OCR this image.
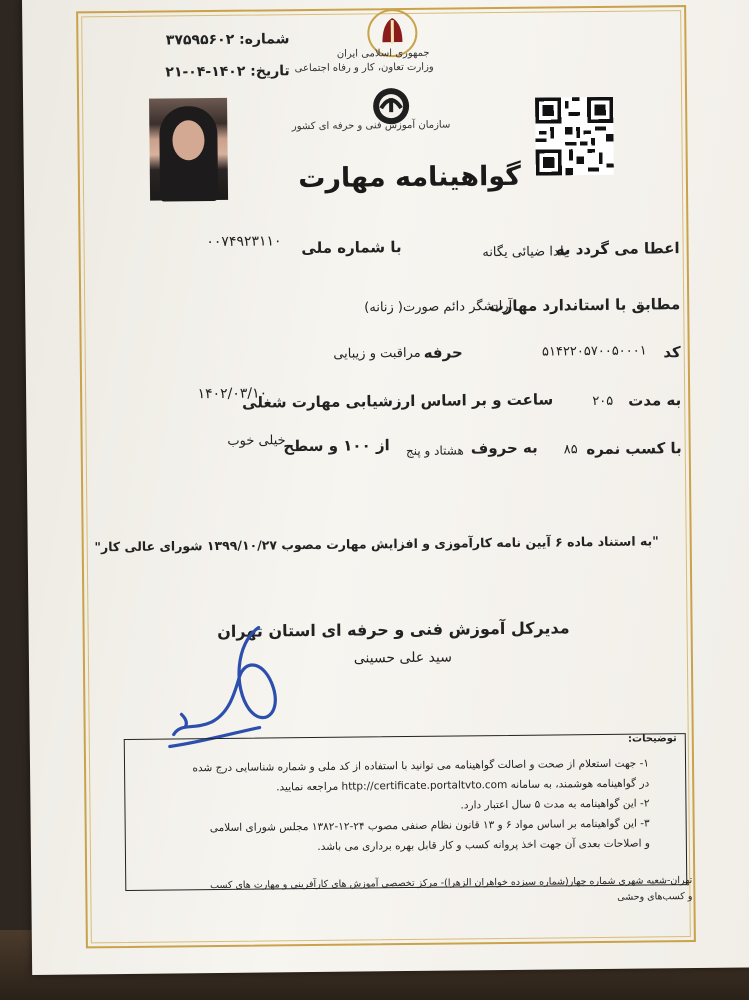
شماره: ۳۷۵۹۵۶۰۲
تاریخ: ۱۴۰۲-۰۴-۲۱
جمهوری اسلامی ایران
وزارت تعاون، کار و رفاه اجتماعی
سازمان آموزش فنی و حرفه ای کشور
گواهینامه مهارت
اعطا می گردد به
یلدا ضیائی یگانه
با شماره ملی
۰۰۷۴۹۲۳۱۱۰
مطابق با استاندارد مهارت
آرایشگر دائم صورت( زنانه)
کد
۵۱۴۲۲۰۵۷۰۰۵۰۰۰۱
حرفه
مراقبت و زیبایی
به مدت
۲۰۵
ساعت و بر اساس ارزشیابی مهارت شغلی
۱۴۰۲/۰۳/۱۰
با کسب نمره
۸۵
به حروف
هشتاد و پنج
از ۱۰۰ و سطح
خیلی خوب
"به استناد ماده ۶ آیین نامه کارآموزی و افزایش مهارت مصوب ۱۳۹۹/۱۰/۲۷ شورای عالی کار"
مدیرکل آموزش فنی و حرفه ای استان تهران
سید علی حسینی
توضیحات:
۱- جهت استعلام از صحت و اصالت گواهینامه می توانید با استفاده از کد ملی و شماره شناسایی درج شده
در گواهینامه هوشمند، به سامانه http://certificate.portaltvto.com مراجعه نمایید.
۲- این گواهینامه به مدت ۵ سال اعتبار دارد.
۳- این گواهینامه بر اساس مواد ۶ و ۱۳ قانون نظام صنفی مصوب ۲۴-۱۲-۱۳۸۲ مجلس شورای اسلامی
و اصلاحات بعدی آن جهت اخذ پروانه کسب و کار قابل بهره برداری می باشد.
تهران-شعبه شهری شماره چهار(شماره سیزده خواهران الزهرا)- مرکز تخصصی آموزش های کارآفرینی و مهارت های کسب
و کسب‌های وحشی
